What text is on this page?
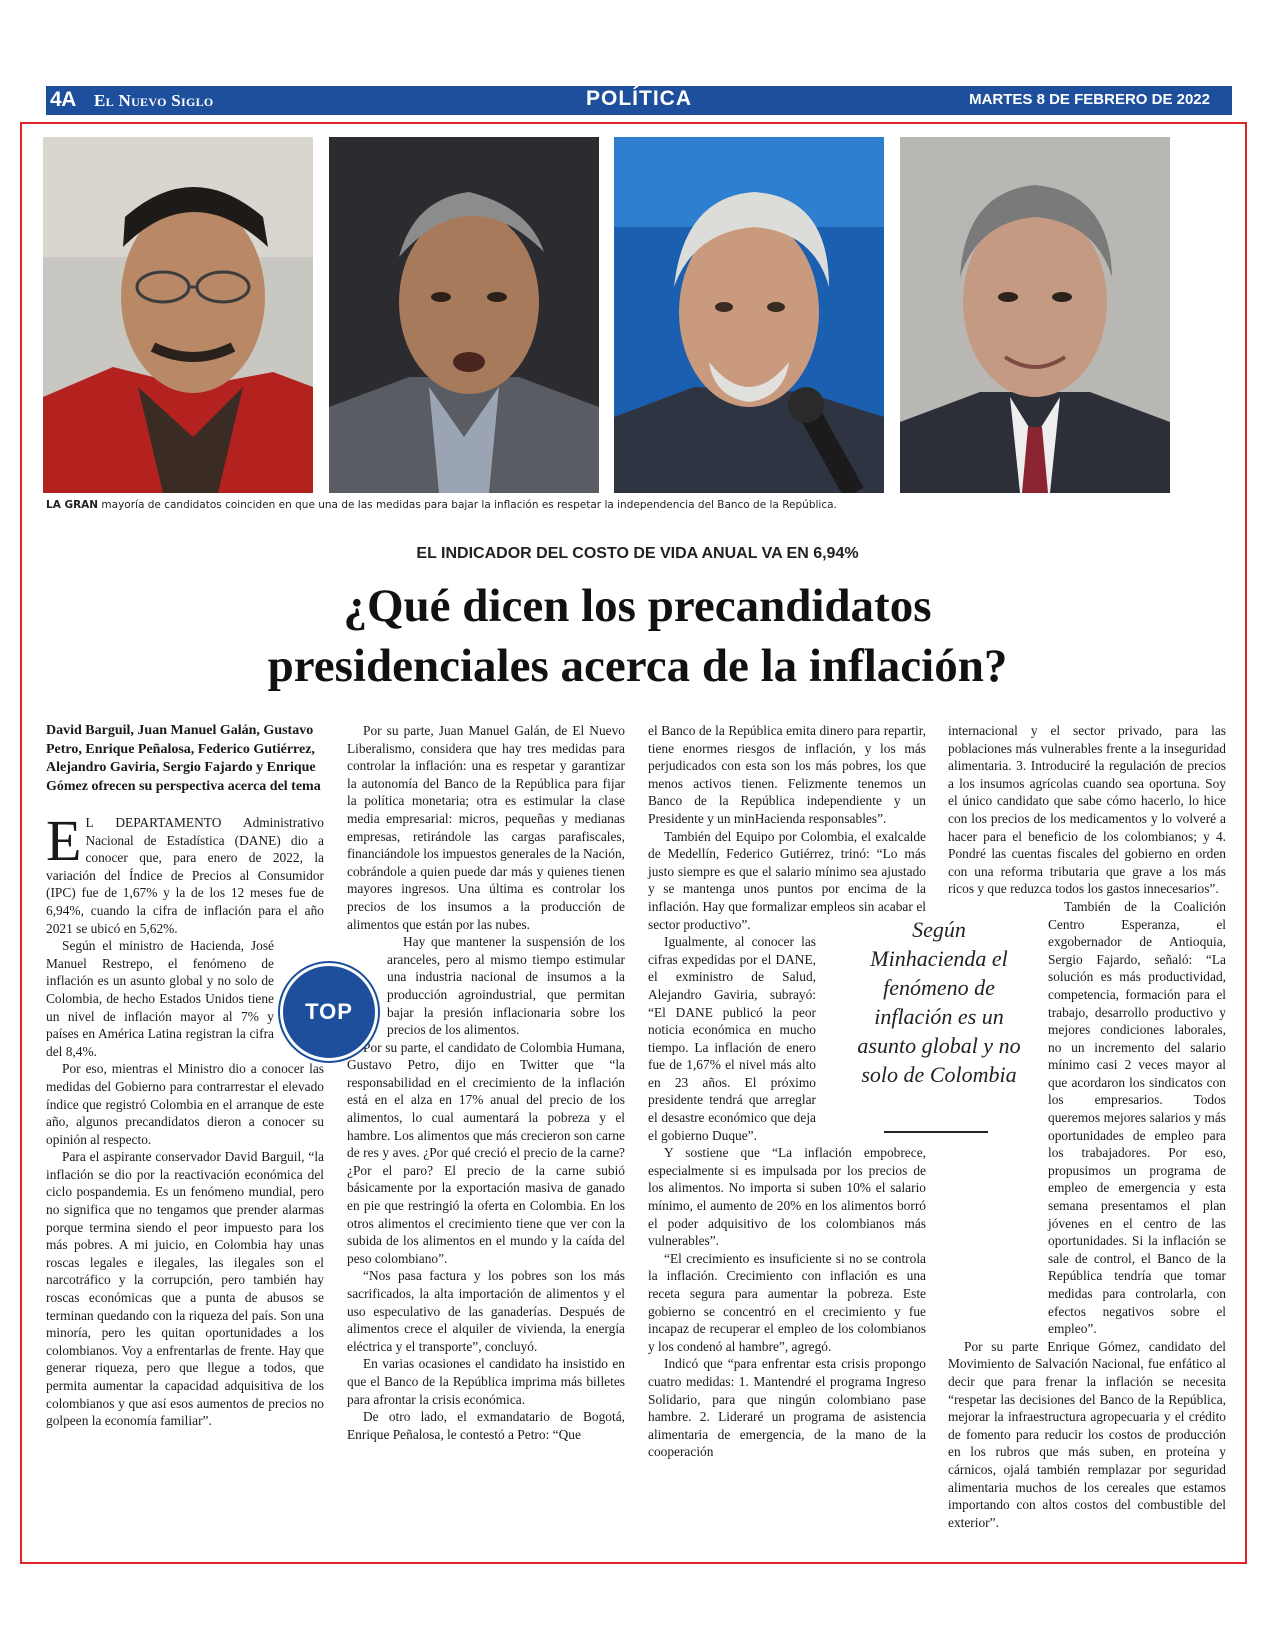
4A El Nuevo Siglo	POLÍTICA	MARTES 8 DE FEBRERO DE 2022
LA GRAN mayoría de candidatos coinciden en que una de las medidas para bajar la inflación es respetar la independencia del Banco de la República.
EL INDICADOR DEL COSTO DE VIDA ANUAL VA EN 6,94%
¿Qué dicen los precandidatos
presidenciales acerca de la inflación?
David Barguil, Juan Manuel Galán, Gustavo Petro, Enrique Peñalosa, Federico Gutiérrez, Alejandro Gaviria, Sergio Fajardo y Enrique Gómez ofrecen su perspectiva acerca del tema

E L DEPARTAMENTO Administrativo Nacional de Estadística (DANE) dio a conocer que, para enero de 2022, la variación del Índice de Precios al Consumidor (IPC) fue de 1,67% y la de los 12 meses fue de 6,94%, cuando la cifra de inflación para el año 2021 se ubicó en 5,62%.

Según el ministro de Hacienda, José Manuel Restrepo, el fenómeno de inflación es un asunto global y no solo de Colombia, de hecho Estados Unidos tiene un nivel de inflación mayor al 7% y países en América Latina registran la cifra del 8,4%.

Por eso, mientras el Ministro dio a conocer las medidas del Gobierno para contrarrestar el elevado índice que registró Colombia en el arranque de este año, algunos precandidatos dieron a conocer su opinión al respecto.

Para el aspirante conservador David Barguil, “la inflación se dio por la reactivación económica del ciclo pospandemia. Es un fenómeno mundial, pero no significa que no tengamos que prender alarmas porque termina siendo el peor impuesto para los más pobres. A mi juicio, en Colombia hay unas roscas legales e ilegales, las ilegales son el narcotráfico y la corrupción, pero también hay roscas económicas que a punta de abusos se terminan quedando con la riqueza del país. Son una minoría, pero les quitan oportunidades a los colombianos. Voy a enfrentarlas de frente. Hay que generar riqueza, pero que llegue a todos, que permita aumentar la capacidad adquisitiva de los colombianos y que así esos aumentos de precios no golpeen la economía familiar”.

Por su parte, Juan Manuel Galán, de El Nuevo Liberalismo, considera que hay tres medidas para controlar la inflación: una es respetar y garantizar la autonomía del Banco de la República para fijar la política monetaria; otra es estimular la clase media empresarial: micros, pequeñas y medianas empresas, retirándole las cargas parafiscales, financiándole los impuestos generales de la Nación, cobrándole a quien puede dar más y quienes tienen mayores ingresos. Una última es controlar los precios de los insumos a la producción de alimentos que están por las nubes.

Hay que mantener la suspensión de los aranceles, pero al mismo tiempo estimular una industria nacional de insumos a la producción agroindustrial, que permitan bajar la presión inflacionaria sobre los precios de los alimentos.

Por su parte, el candidato de Colombia Humana, Gustavo Petro, dijo en Twitter que “la responsabilidad en el crecimiento de la inflación está en el alza en 17% anual del precio de los alimentos, lo cual aumentará la pobreza y el hambre. Los alimentos que más crecieron son carne de res y aves. ¿Por qué creció el precio de la carne? ¿Por el paro? El precio de la carne subió básicamente por la exportación masiva de ganado en pie que restringió la oferta en Colombia. En los otros alimentos el crecimiento tiene que ver con la subida de los alimentos en el mundo y la caída del peso colombiano”.

“Nos pasa factura y los pobres son los más sacrificados, la alta importación de alimentos y el uso especulativo de las ganaderías. Después de alimentos crece el alquiler de vivienda, la energía eléctrica y el transporte”, concluyó.

En varias ocasiones el candidato ha insistido en que el Banco de la República imprima más billetes para afrontar la crisis económica.

De otro lado, el exmandatario de Bogotá, Enrique Peñalosa, le contestó a Petro: “Que

el Banco de la República emita dinero para repartir, tiene enormes riesgos de inflación, y los más perjudicados con esta son los más pobres, los que menos activos tienen. Felizmente tenemos un Banco de la República independiente y un Presidente y un minHacienda responsables”.

También del Equipo por Colombia, el exalcalde de Medellín, Federico Gutiérrez, trinó: “Lo más justo siempre es que el salario mínimo sea ajustado y se mantenga unos puntos por encima de la inflación. Hay que formalizar empleos sin acabar el sector productivo”.

Igualmente, al conocer las cifras expedidas por el DANE, el exministro de Salud, Alejandro Gaviria, subrayó: “El DANE publicó la peor noticia económica en mucho tiempo. La inflación de enero fue de 1,67% el nivel más alto en 23 años. El próximo presidente tendrá que arreglar el desastre económico que deja el gobierno Duque”.

Y sostiene que “La inflación empobrece, especialmente si es impulsada por los precios de los alimentos. No importa si suben 10% el salario mínimo, el aumento de 20% en los alimentos borró el poder adquisitivo de los colombianos más vulnerables”.

“El crecimiento es insuficiente si no se controla la inflación. Crecimiento con inflación es una receta segura para aumentar la pobreza. Este gobierno se concentró en el crecimiento y fue incapaz de recuperar el empleo de los colombianos y los condenó al hambre”, agregó.

Indicó que “para enfrentar esta crisis propongo cuatro medidas: 1. Mantendré el programa Ingreso Solidario, para que ningún colombiano pase hambre. 2. Lideraré un programa de asistencia alimentaria de emergencia, de la mano de la cooperación

internacional y el sector privado, para las poblaciones más vulnerables frente a la inseguridad alimentaria. 3. Introduciré la regulación de precios a los insumos agrícolas cuando sea oportuna. Soy el único candidato que sabe cómo hacerlo, lo hice con los precios de los medicamentos y lo volveré a hacer para el beneficio de los colombianos; y 4. Pondré las cuentas fiscales del gobierno en orden con una reforma tributaria que grave a los más ricos y que reduzca todos los gastos innecesarios”.

También de la Coalición Centro Esperanza, el exgobernador de Antioquia, Sergio Fajardo, señaló: “La solución es más productividad, competencia, formación para el trabajo, desarrollo productivo y mejores condiciones laborales, no un incremento del salario mínimo casi 2 veces mayor al que acordaron los sindicatos con los empresarios. Todos queremos mejores salarios y más oportunidades de empleo para los trabajadores. Por eso, propusimos un programa de empleo de emergencia y esta semana presentamos el plan jóvenes en el centro de las oportunidades. Si la inflación se sale de control, el Banco de la República tendría que tomar medidas para controlarla, con efectos negativos sobre el empleo”.

Por su parte Enrique Gómez, candidato del Movimiento de Salvación Nacional, fue enfático al decir que para frenar la inflación se necesita “respetar las decisiones del Banco de la República, mejorar la infraestructura agropecuaria y el crédito de fomento para reducir los costos de producción en los rubros que más suben, en proteína y cárnicos, ojalá también remplazar por seguridad alimentaria muchos de los cereales que estamos importando con altos costos del combustible del exterior”.

TOP
Según Minhacienda el fenómeno de inflación es un asunto global y no solo de Colombia
